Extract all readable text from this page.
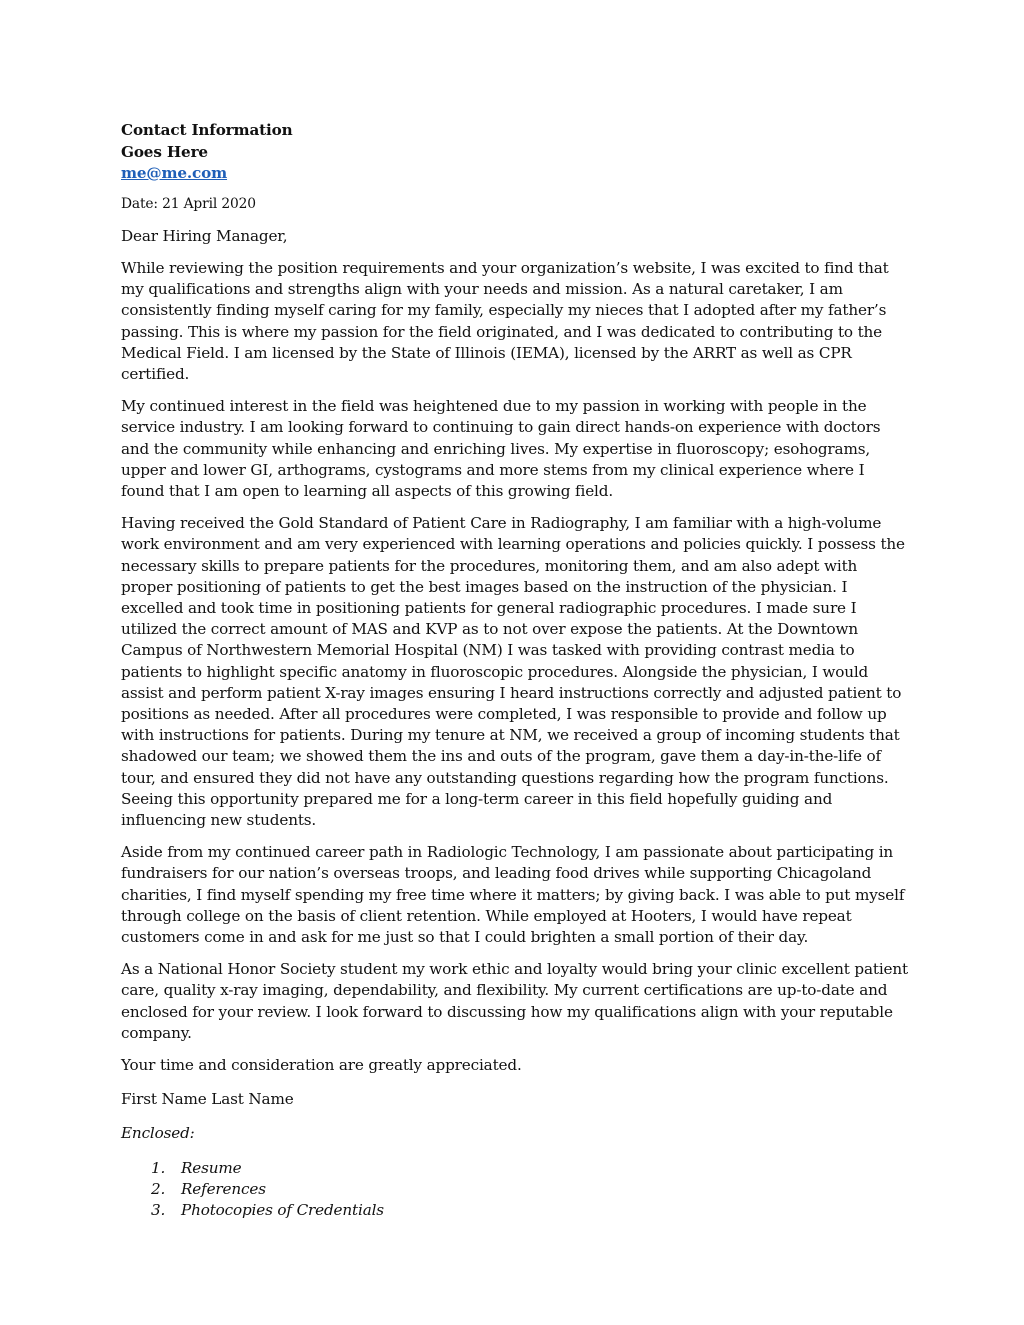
Contact Information
Goes Here
me@me.com
Date: 21 April 2020
Dear Hiring Manager,

While reviewing the position requirements and your organization’s website, I was excited to find that my qualifications and strengths align with your needs and mission. As a natural caretaker, I am consistently finding myself caring for my family, especially my nieces that I adopted after my father’s passing. This is where my passion for the field originated, and I was dedicated to contributing to the Medical Field. I am licensed by the State of Illinois (IEMA), licensed by the ARRT as well as CPR certified.

My continued interest in the field was heightened due to my passion in working with people in the service industry. I am looking forward to continuing to gain direct hands-on experience with doctors and the community while enhancing and enriching lives. My expertise in fluoroscopy; esohograms, upper and lower GI, arthograms, cystograms and more stems from my clinical experience where I found that I am open to learning all aspects of this growing field.

Having received the Gold Standard of Patient Care in Radiography, I am familiar with a high-volume work environment and am very experienced with learning operations and policies quickly. I possess the necessary skills to prepare patients for the procedures, monitoring them, and am also adept with proper positioning of patients to get the best images based on the instruction of the physician. I excelled and took time in positioning patients for general radiographic procedures. I made sure I utilized the correct amount of MAS and KVP as to not over expose the patients. At the Downtown Campus of Northwestern Memorial Hospital (NM) I was tasked with providing contrast media to patients to highlight specific anatomy in fluoroscopic procedures. Alongside the physician, I would assist and perform patient X-ray images ensuring I heard instructions correctly and adjusted patient to positions as needed. After all procedures were completed, I was responsible to provide and follow up with instructions for patients. During my tenure at NM, we received a group of incoming students that shadowed our team; we showed them the ins and outs of the program, gave them a day-in-the-life of tour, and ensured they did not have any outstanding questions regarding how the program functions. Seeing this opportunity prepared me for a long-term career in this field hopefully guiding and influencing new students.

Aside from my continued career path in Radiologic Technology, I am passionate about participating in fundraisers for our nation’s overseas troops, and leading food drives while supporting Chicagoland charities, I find myself spending my free time where it matters; by giving back. I was able to put myself through college on the basis of client retention. While employed at Hooters, I would have repeat customers come in and ask for me just so that I could brighten a small portion of their day.

As a National Honor Society student my work ethic and loyalty would bring your clinic excellent patient care, quality x-ray imaging, dependability, and flexibility. My current certifications are up-to-date and enclosed for your review. I look forward to discussing how my qualifications align with your reputable company.

Your time and consideration are greatly appreciated.
First Name Last Name
Enclosed:
1.	Resume
2.	References
3.	Photocopies of Credentials
